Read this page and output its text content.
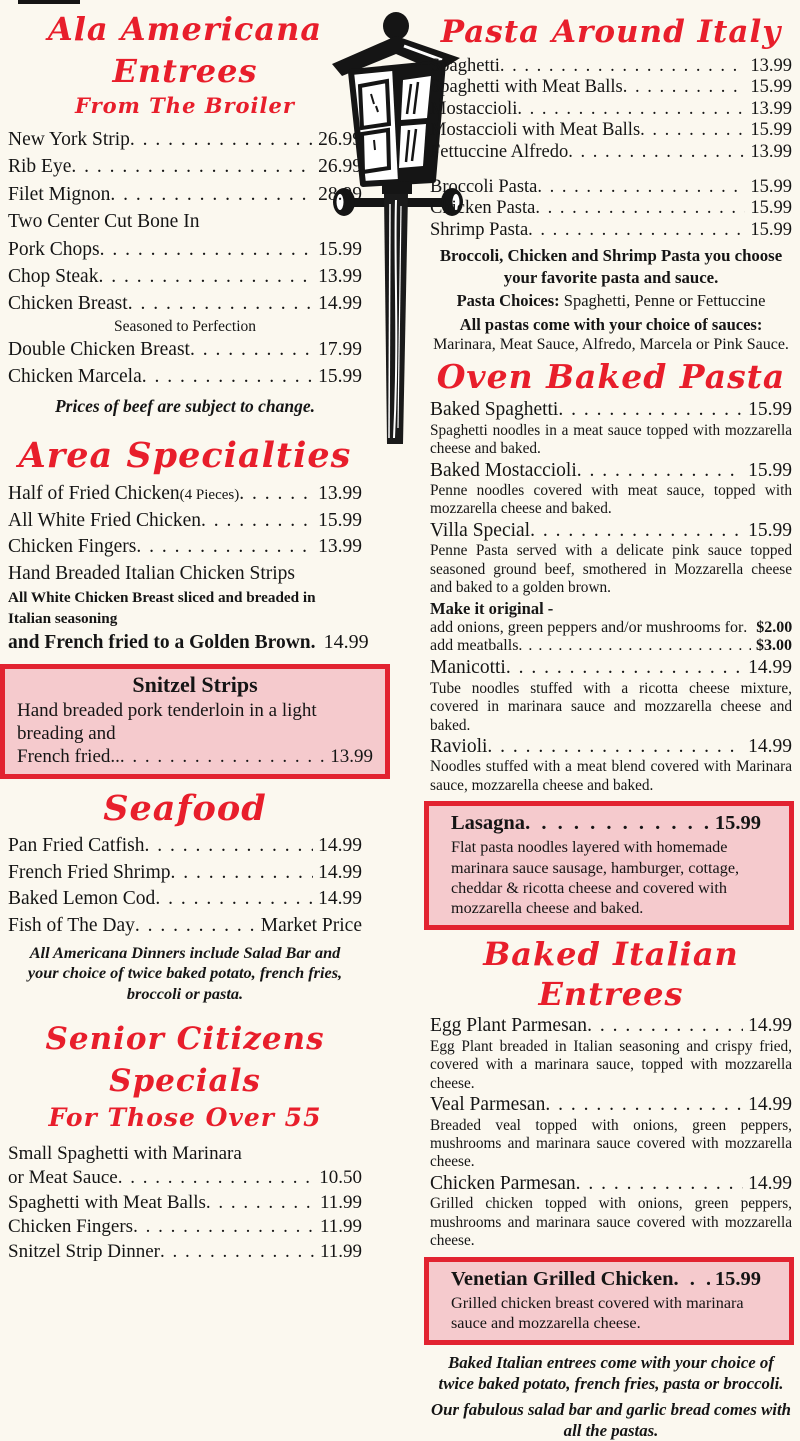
Ala Americana Entrees
From The Broiler
New York Strip . . .	26.99
Rib Eye . . .	26.99
Filet Mignon . . .	28.99
Two Center Cut Bone In
Pork Chops . . .	15.99
Chop Steak . . .	13.99
Chicken Breast . . .	14.99
Seasoned to Perfection
Double Chicken Breast . . .	17.99
Chicken Marcela . . .	15.99
Prices of beef are subject to change.
Area Specialties
Half of Fried Chicken (4 Pieces) . . .	13.99
All White Fried Chicken . . .	15.99
Chicken Fingers . . .	13.99
Hand Breaded Italian Chicken Strips
All White Chicken Breast sliced and breaded in Italian seasoning
and French fried to a Golden Brown . . . 14.99
Snitzel Strips
Hand breaded pork tenderloin in a light breading and
French fried.. . . .	13.99
Seafood
Pan Fried Catfish . . .	14.99
French Fried Shrimp . . .	14.99
Baked Lemon Cod . . .	14.99
Fish of The Day . . .	Market Price
All Americana Dinners include Salad Bar and
your choice of twice baked potato, french fries, broccoli or pasta.
Senior Citizens Specials
For Those Over 55
Small Spaghetti with Marinara
or Meat Sauce . . .	10.50
Spaghetti with Meat Balls . . .	11.99
Chicken Fingers . . .	11.99
Snitzel Strip Dinner . . .	11.99
Pasta Around Italy
Spaghetti . . .	13.99
Spaghetti with Meat Balls . . .	15.99
Mostaccioli . . .	13.99
Mostaccioli with Meat Balls . . .	15.99
Fettuccine Alfredo . . .	13.99
Broccoli Pasta . . .	15.99
Chicken Pasta . . .	15.99
Shrimp Pasta . . .	15.99
Broccoli, Chicken and Shrimp Pasta you choose your favorite pasta and sauce.
Pasta Choices: Spaghetti, Penne or Fettuccine
All pastas come with your choice of sauces:
Marinara, Meat Sauce, Alfredo, Marcela or Pink Sauce.
Oven Baked Pasta
Baked Spaghetti . . .	15.99
Spaghetti noodles in a meat sauce topped with mozzarella cheese and baked.
Baked Mostaccioli . . .	15.99
Penne noodles covered with meat sauce, topped with mozzarella cheese and baked.
Villa Special . . .	15.99
Penne Pasta served with a delicate pink sauce topped seasoned ground beef, smothered in Mozzarella cheese and baked to a golden brown.
Make it original -
add onions, green peppers and/or mushrooms for . . . $2.00
add meatballs . . .	$3.00
Manicotti . . .	14.99
Tube noodles stuffed with a ricotta cheese mixture, covered in marinara sauce and mozzarella cheese and baked.
Ravioli . . .	14.99
Noodles stuffed with a meat blend covered with Marinara sauce, mozzarella cheese and baked.
Lasagna . . .	15.99
Flat pasta noodles layered with homemade marinara sauce sausage, hamburger, cottage, cheddar & ricotta cheese and covered with mozzarella cheese and baked.
Baked Italian Entrees
Egg Plant Parmesan . . .	14.99
Egg Plant breaded in Italian seasoning and crispy fried, covered with a marinara sauce, topped with mozzarella cheese.
Veal Parmesan . . .	14.99
Breaded veal topped with onions, green peppers, mushrooms and marinara sauce covered with mozzarella cheese.
Chicken Parmesan . . .	14.99
Grilled chicken topped with onions, green peppers, mushrooms and marinara sauce covered with mozzarella cheese.
Venetian Grilled Chicken . . . 15.99
Grilled chicken breast covered with marinara sauce and mozzarella cheese.
Baked Italian entrees come with your choice of twice baked potato, french fries, pasta or broccoli.
Our fabulous salad bar and garlic bread comes with all the pastas.
